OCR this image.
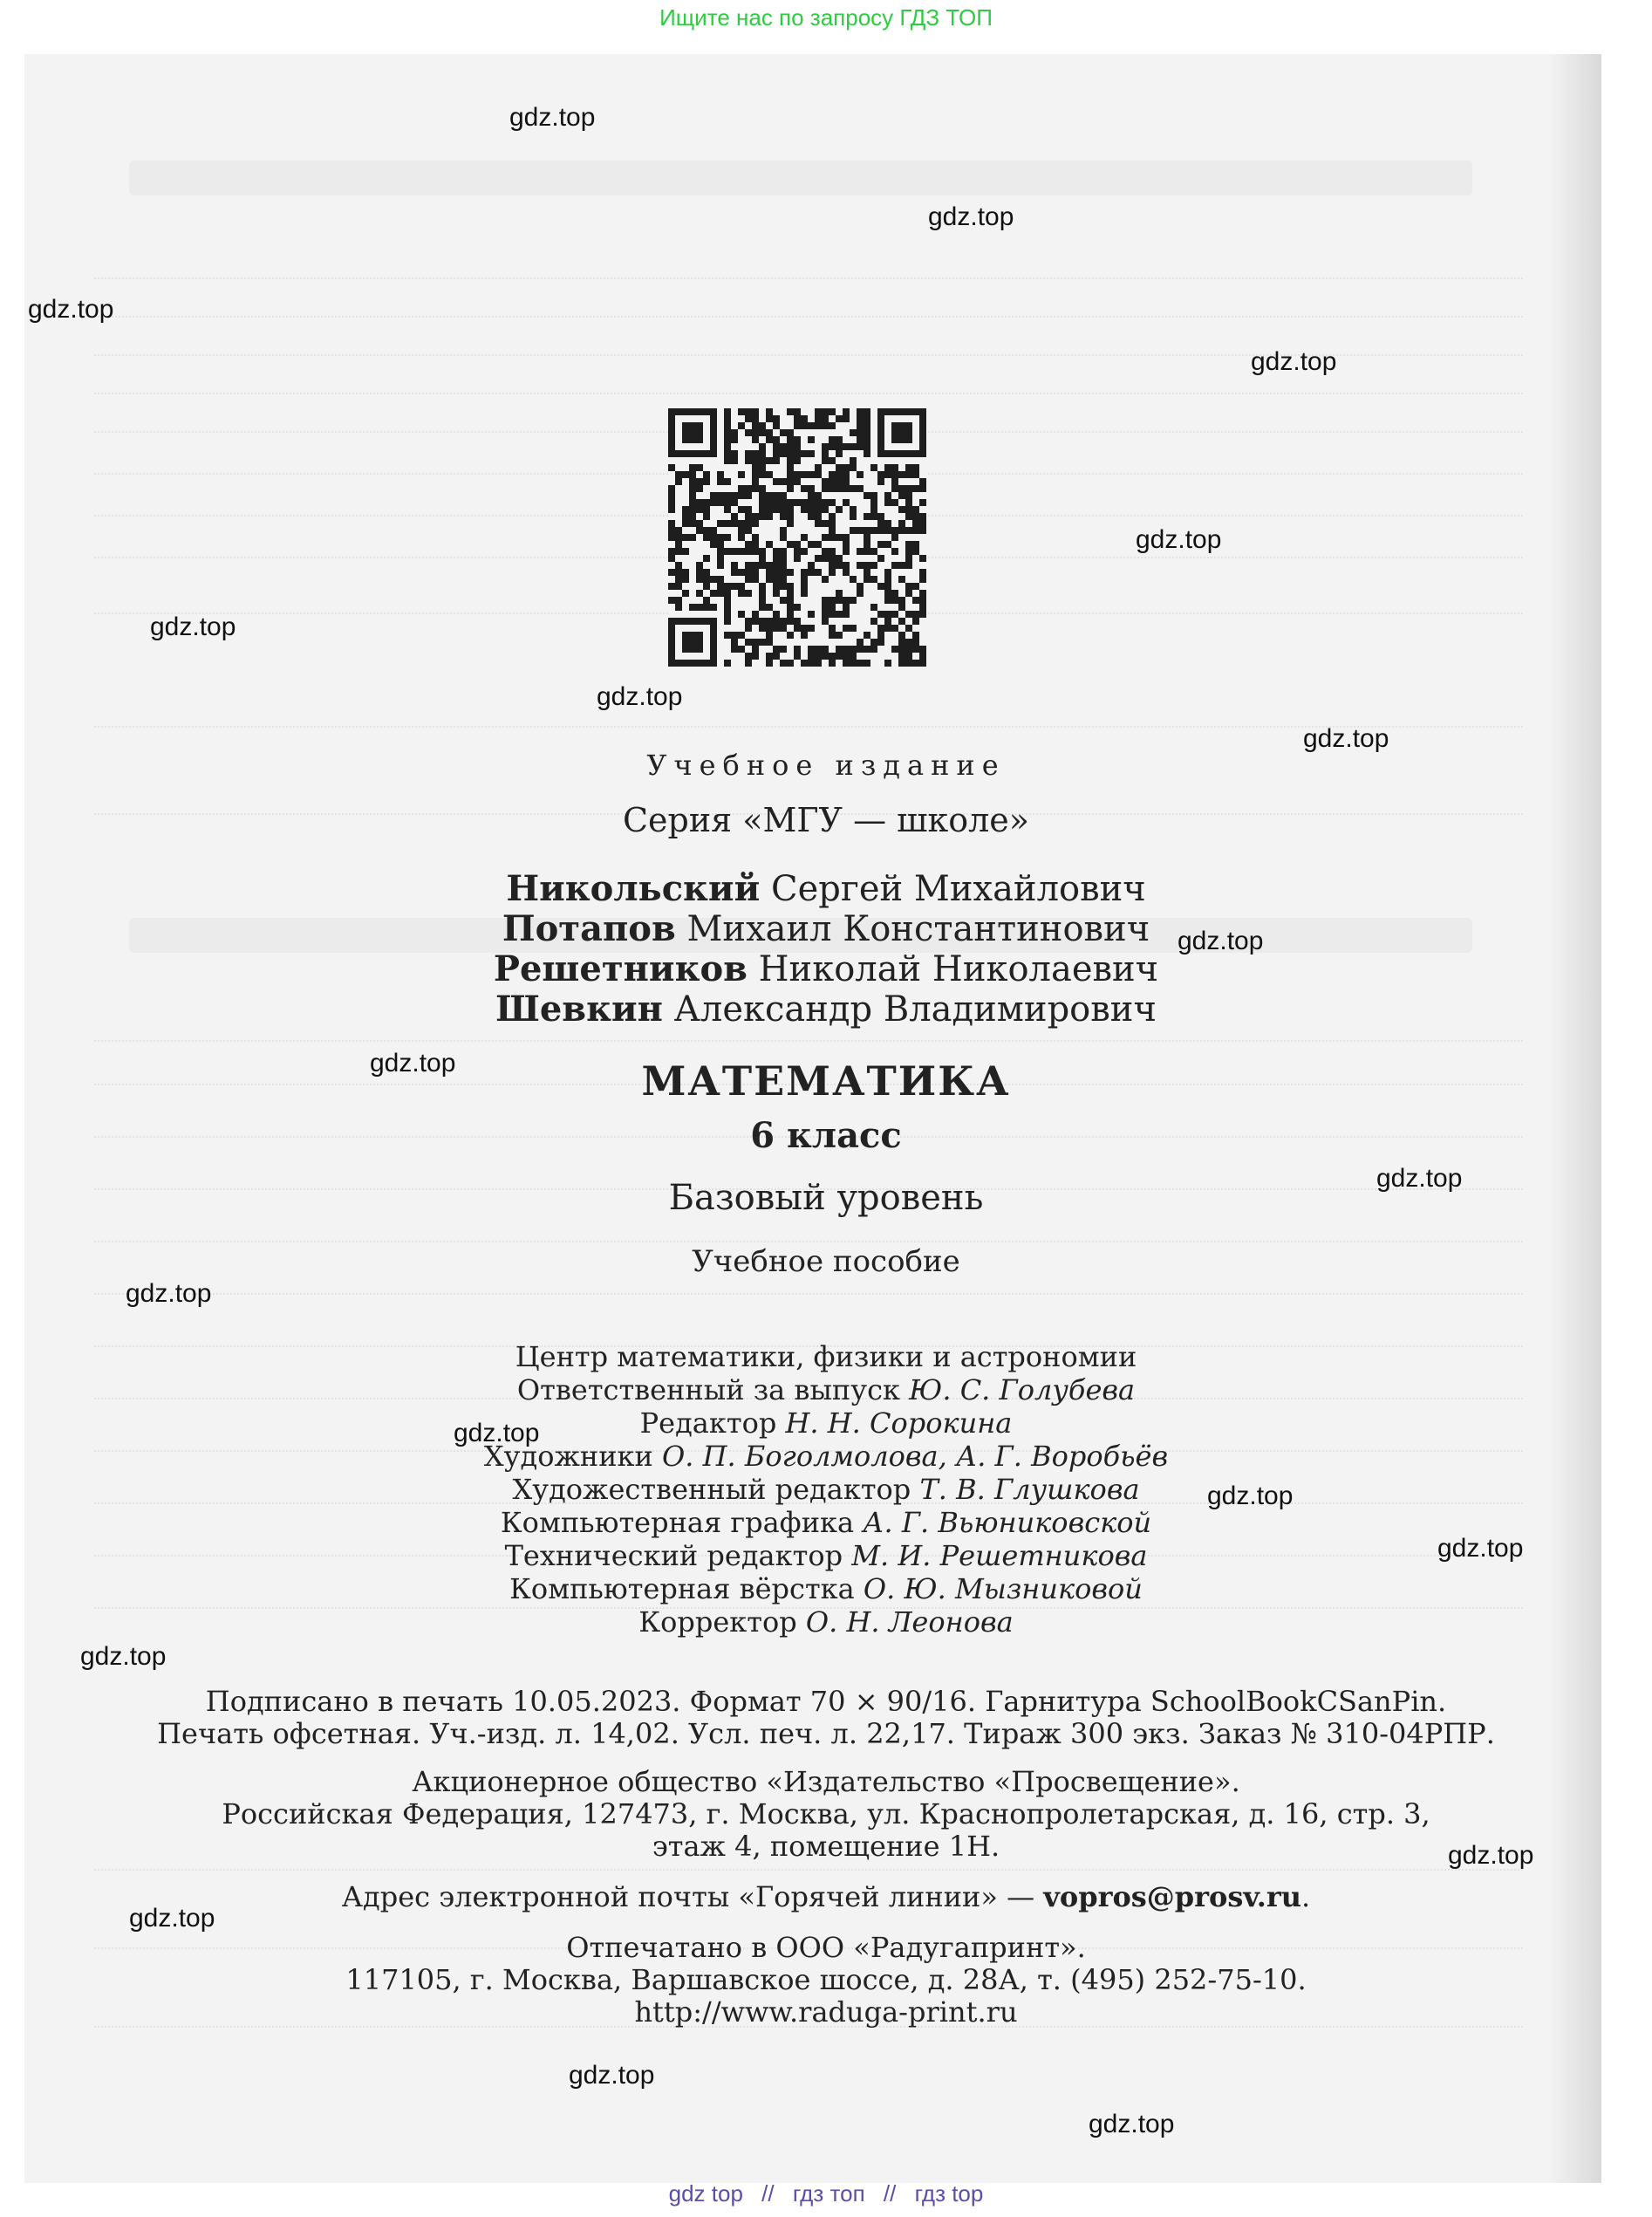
Ищите нас по запросу ГДЗ ТОП
Учебное издание
Серия «МГУ — школе»
Никольский Сергей Михайлович
Потапов Михаил Константинович
Решетников Николай Николаевич
Шевкин Александр Владимирович
МАТЕМАТИКА
6 класс
Базовый уровень
Учебное пособие
Центр математики, физики и астрономии
Ответственный за выпуск Ю. С. Голубева
Редактор Н. Н. Сорокина
Художники О. П. Боголмолова, А. Г. Воробьёв
Художественный редактор Т. В. Глушкова
Компьютерная графика А. Г. Вьюниковской
Технический редактор М. И. Решетникова
Компьютерная вёрстка О. Ю. Мызниковой
Корректор О. Н. Леонова
Подписано в печать 10.05.2023. Формат 70 × 90/16. Гарнитура SchoolBookCSanPin.
Печать офсетная. Уч.-изд. л. 14,02. Усл. печ. л. 22,17. Тираж 300 экз. Заказ № 310-04РПР.
Акционерное общество «Издательство «Просвещение».
Российская Федерация, 127473, г. Москва, ул. Краснопролетарская, д. 16, стр. 3,
этаж 4, помещение 1Н.
Адрес электронной почты «Горячей линии» — vopros@prosv.ru.
Отпечатано в ООО «Радугапринт».
117105, г. Москва, Варшавское шоссе, д. 28А, т. (495) 252-75-10.
http://www.raduga-print.ru
gdz.top
gdz.top
gdz.top
gdz.top
gdz.top
gdz.top
gdz.top
gdz.top
gdz.top
gdz.top
gdz.top
gdz.top
gdz.top
gdz.top
gdz.top
gdz.top
gdz.top
gdz.top
gdz.top
gdz.top
gdz top // гдз топ // гдз top
